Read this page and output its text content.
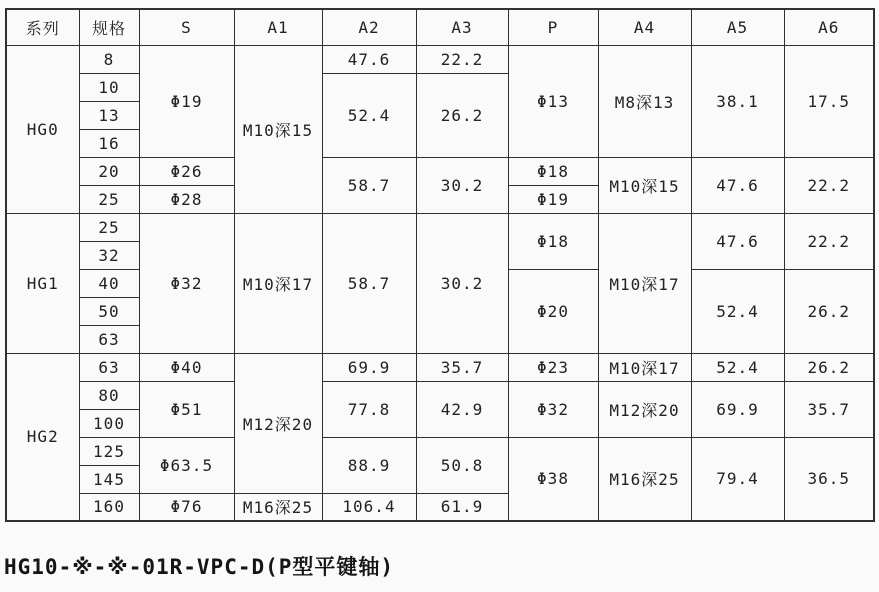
系列	规格	S	A1	A2	A3	P	A4	A5	A6
HG0	8	Φ19	M10深15	47.6	22.2	Φ13	M8深13	38.1	17.5
	10			52.4	26.2				
	13								
	16								
	20	Φ26		58.7	30.2	Φ18	M10深15	47.6	22.2
	25	Φ28				Φ19			
HG1	25	Φ32	M10深17	58.7	30.2	Φ18	M10深17	47.6	22.2
	32								
	40					Φ20		52.4	26.2
	50								
	63								
HG2	63	Φ40	M12深20	69.9	35.7	Φ23	M10深17	52.4	26.2
	80	Φ51		77.8	42.9	Φ32	M12深20	69.9	35.7
	100								
	125	Φ63.5		88.9	50.8	Φ38	M16深25	79.4	36.5
	145								
	160	Φ76	M16深25	106.4	61.9				
HG10-※-※-01R-VPC-D(P型平键轴)
